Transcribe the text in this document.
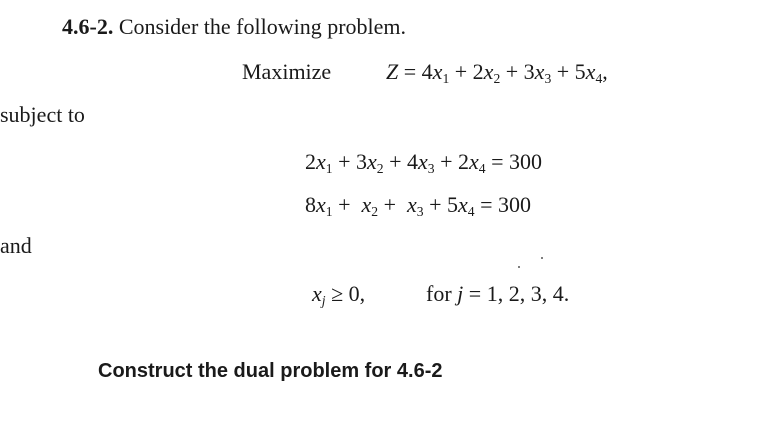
4.6-2. Consider the following problem.
Maximize $Z = 4x_1 + 2x_2 + 3x_3 + 5x_4$,
subject to
$2x_1 + 3x_2 + 4x_3 + 2x_4 = 300$
$8x_1 + x_2 + x_3 + 5x_4 = 300$
and
$x_j \ge 0$,	for j = 1, 2, 3, 4.
Construct the dual problem for 4.6-2
